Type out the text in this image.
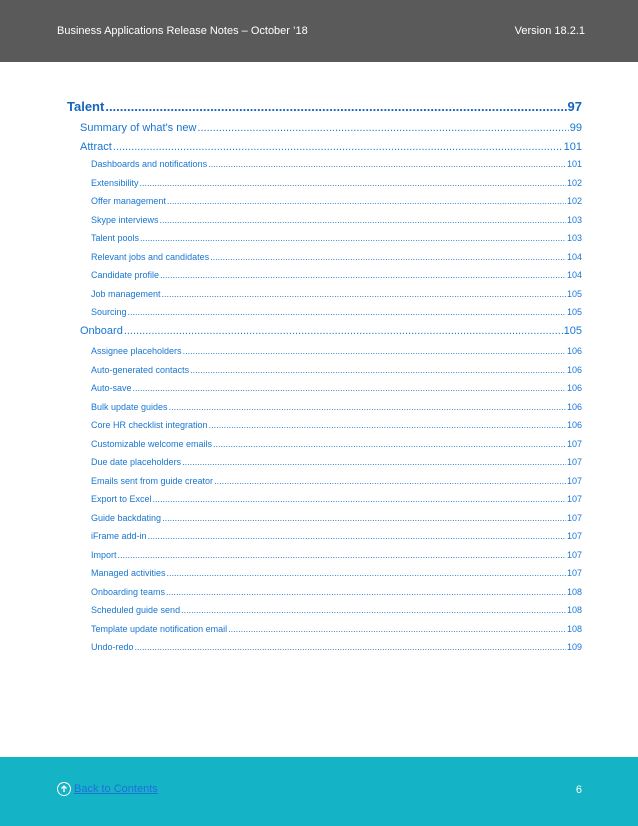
Business Applications Release Notes – October ’18	Version 18.2.1
Talent .....	97
Summary of what's new .....	99
Attract .....	101
Dashboards and notifications .....	101
Extensibility .....	102
Offer management .....	102
Skype interviews .....	103
Talent pools .....	103
Relevant jobs and candidates .....	104
Candidate profile .....	104
Job management .....	105
Sourcing .....	105
Onboard .....	105
Assignee placeholders .....	106
Auto-generated contacts .....	106
Auto-save .....	106
Bulk update guides .....	106
Core HR checklist integration .....	106
Customizable welcome emails .....	107
Due date placeholders .....	107
Emails sent from guide creator .....	107
Export to Excel .....	107
Guide backdating .....	107
iFrame add-in .....	107
Import .....	107
Managed activities .....	107
Onboarding teams .....	108
Scheduled guide send .....	108
Template update notification email .....	108
Undo-redo .....	109
Back to Contents	6
